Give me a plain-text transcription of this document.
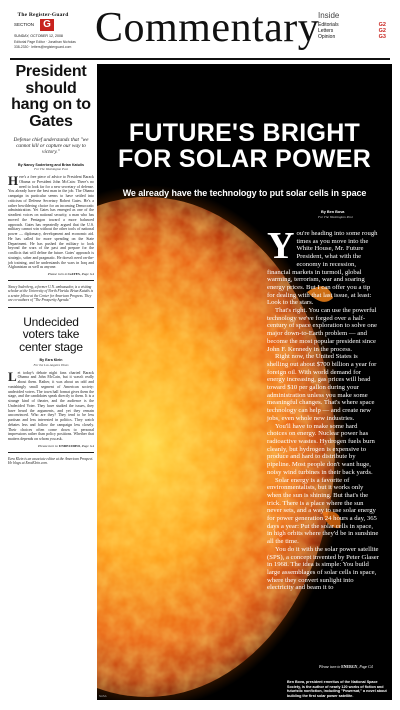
The Register-Guard
SECTION G
SUNDAY, OCTOBER 12, 2008
Editorial Page Editor · Jonathan Nicholas
338-2330 · letters@registerguard.com Commentary
Inside
Editorials	G2
Letters	G2
Opinion	G3
President should hang on to Gates
Defense chief understands that "we cannot kill or capture our way to victory."
By Nancy Soderberg and Brian Katulis
For The Washington Post
Here's a free piece of advice to President Barack Obama or President John McCain: There's no need to look far for a new secretary of defense. You already have the best man in the job. The Obama campaign in particular seems to have settled into criticism of Defense Secretary Robert Gates. He's a rather bewildering choice for an incoming Democratic administration. Yet Gates has emerged as one of the steadiest voices on national security, a man who has moved the Pentagon toward a more balanced approach. Gates has repeatedly argued that the U.S. military cannot win without the other tools of national power — diplomacy, development and economic aid. He has called for more spending on the State Department. He has pushed the military to look beyond the wars of the past and prepare for the conflicts that will define the future. Gates' approach is strategic, sober and pragmatic. He doesn't need on-the-job training, and he understands the wars in Iraq and Afghanistan as well as anyone.
Please turn to GATES, Page G4
Nancy Soderberg, a former U.N. ambassador, is a visiting scholar at the University of North Florida. Brian Katulis is a senior fellow at the Center for American Progress. They are co-authors of "The Prosperity Agenda."
Undecided voters take center stage
By Ezra Klein
For the Los Angeles Times
Let today's debate night fans charted Barack Obama and John McCain, but it wasn't really about them. Rather, it was about an odd and vanishingly small segment of American society: undecided voters. The town hall format gives them the stage, and the candidates speak directly to them. It is a strange kind of theater, and the audience is the Undecided Voter. They have studied the issues, they have heard the arguments, and yet they remain unconvinced. Who are they? They tend to be less partisan and less interested in politics. They watch debates less and follow the campaign less closely. Their choices often come down to personal impressions rather than policy positions. Whether that matters depends on whom you ask.
Please turn to UNDECIDED, Page G4
Ezra Klein is an associate editor at the American Prospect. He blogs at EzraKlein.com.
FUTURE'S BRIGHT
FOR SOLAR POWER
We already have the technology to put solar cells in space
By Ben Bova
For The Washington Post

You're heading into some rough times as you move into the White House, Mr. Future President, what with the economy in recession, financial markets in turmoil, global warming, terrorism, war and soaring energy prices. But I can offer you a tip for dealing with that last issue, at least: Look to the stars.

That's right. You can use the powerful technology we've forged over a half-century of space exploration to solve one major down-to-Earth problem — and become the most popular president since John F. Kennedy in the process.

Right now, the United States is shelling out about $700 billion a year for foreign oil. With world demand for energy increasing, gas prices will head toward $10 per gallon during your administration unless you make some meaningful changes. That's where space technology can help — and create new jobs, even whole new industries.

You'll have to make some hard choices on energy. Nuclear power has radioactive wastes. Hydrogen fuels burn cleanly, but hydrogen is expensive to produce and hard to distribute by pipeline. Most people don't want huge, noisy wind turbines in their back yards.

Solar energy is a favorite of environmentalists, but it works only when the sun is shining. But that's the trick. There is a place where the sun never sets, and a way to use solar energy for power generation 24 hours a day, 365 days a year: Put the solar cells in space, in high orbits where they'd be in sunshine all the time.

You do it with the solar power satellite (SPS), a concept invented by Peter Glaser in 1968. The idea is simple: You build large assemblages of solar cells in space, where they convert sunlight into electricity and beam it to

Please turn to ENERGY, Page G4
Ben Bova, president emeritus of the National Space Society, is the author of nearly 120 works of fiction and futuristic nonfiction, including "Powersat," a novel about building the first solar power satellite.
NASA
